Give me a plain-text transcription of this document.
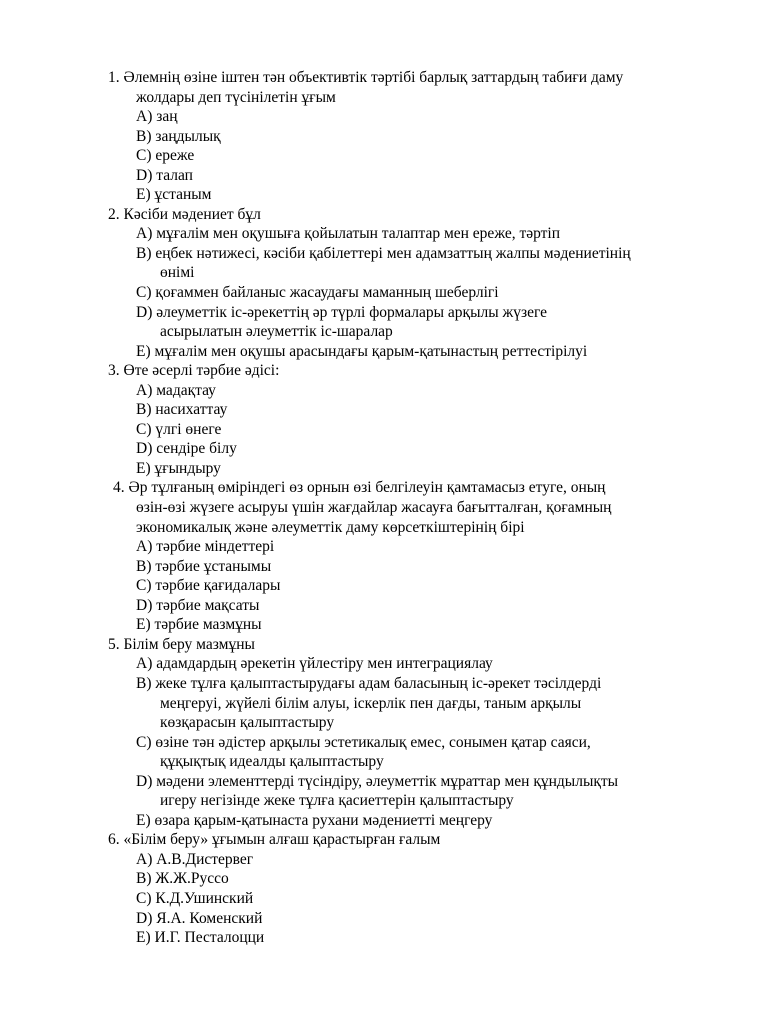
1. Әлемнің өзіне іштен тән объективтік тәртібі барлық заттардың табиғи даму
жолдары деп түсінілетін ұғым
A) заң
B) заңдылық
C) ереже
D) талап
E) ұстаным
2. Кәсіби мәдениет бұл
A) мұғалім мен оқушыға қойылатын талаптар мен ереже, тәртіп
B) еңбек нәтижесі, кәсіби қабілеттері мен адамзаттың жалпы мәдениетінің
өнімі
C) қоғаммен байланыс жасаудағы маманның шеберлігі
D) әлеуметтік іс-әрекеттің әр түрлі формалары арқылы жүзеге
асырылатын әлеуметтік іс-шаралар
E) мұғалім мен оқушы арасындағы қарым-қатынастың реттестірілуі
3. Өте әсерлі тәрбие әдісі:
A) мадақтау
B) насихаттау
C) үлгі өнеге
D) сендіре білу
E) ұғындыру
4. Әр тұлғаның өміріндегі өз орнын өзі белгілеуін қамтамасыз етуге, оның
өзін-өзі жүзеге асыруы үшін жағдайлар жасауға бағытталған, қоғамның
экономикалық және әлеуметтік даму көрсеткіштерінің бірі
A) тәрбие міндеттері
B) тәрбие ұстанымы
C) тәрбие қағидалары
D) тәрбие мақсаты
E) тәрбие мазмұны
5. Білім беру мазмұны
A) адамдардың әрекетін үйлестіру мен интеграциялау
B) жеке тұлға қалыптастырудағы адам баласының іс-әрекет тәсілдерді
меңгеруі, жүйелі білім алуы, іскерлік пен дағды, таным арқылы
көзқарасын қалыптастыру
C) өзіне тән әдістер арқылы эстетикалық емес, сонымен қатар саяси,
құқықтық идеалды қалыптастыру
D) мәдени элементтерді түсіндіру, әлеуметтік мұраттар мен құндылықты
игеру негізінде жеке тұлға қасиеттерін қалыптастыру
E) өзара қарым-қатынаста рухани мәдениетті меңгеру
6. «Білім беру» ұғымын алғаш қарастырған ғалым
A) А.В.Дистервег
B) Ж.Ж.Руссо
C) К.Д.Ушинский
D) Я.А. Коменский
E) И.Г. Песталоцци
